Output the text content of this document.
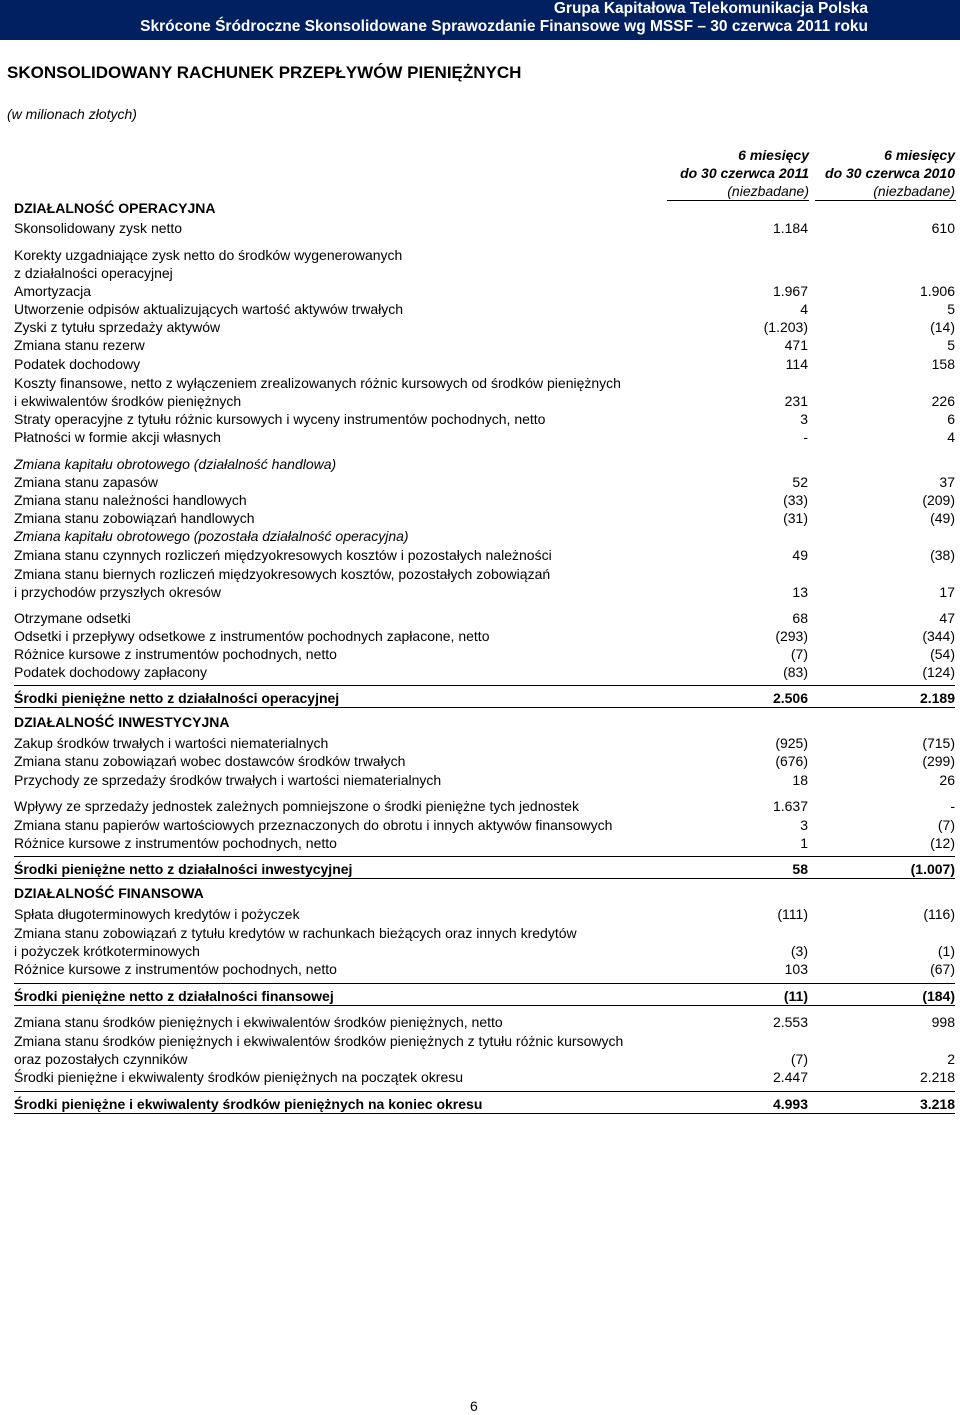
Grupa Kapitałowa Telekomunikacja Polska
Skrócone Śródroczne Skonsolidowane Sprawozdanie Finansowe wg MSSF – 30 czerwca 2011 roku
SKONSOLIDOWANY RACHUNEK PRZEPŁYWÓW PIENIĘŻNYCH
(w milionach złotych)
6 miesięcy
do 30 czerwca 2011
(niezbadane)
6 miesięcy
do 30 czerwca 2010
(niezbadane)
DZIAŁALNOŚĆ OPERACYJNA
Skonsolidowany zysk netto	1.184	610
Korekty uzgadniające zysk netto do środków wygenerowanych
z działalności operacyjnej
Amortyzacja	1.967	1.906
Utworzenie odpisów aktualizujących wartość aktywów trwałych	4	5
Zyski z tytułu sprzedaży aktywów	(1.203)	(14)
Zmiana stanu rezerw	471	5
Podatek dochodowy	114	158
Koszty finansowe, netto z wyłączeniem zrealizowanych różnic kursowych od środków pieniężnych
i ekwiwalentów środków pieniężnych	231	226
Straty operacyjne z tytułu różnic kursowych i wyceny instrumentów pochodnych, netto	3	6
Płatności w formie akcji własnych	-	4
Zmiana kapitału obrotowego (działalność handlowa)
Zmiana stanu zapasów	52	37
Zmiana stanu należności handlowych	(33)	(209)
Zmiana stanu zobowiązań handlowych	(31)	(49)
Zmiana kapitału obrotowego (pozostała działalność operacyjna)
Zmiana stanu czynnych rozliczeń międzyokresowych kosztów i pozostałych należności	49	(38)
Zmiana stanu biernych rozliczeń międzyokresowych kosztów, pozostałych zobowiązań
i przychodów przyszłych okresów	13	17
Otrzymane odsetki	68	47
Odsetki i przepływy odsetkowe z instrumentów pochodnych zapłacone, netto	(293)	(344)
Różnice kursowe z instrumentów pochodnych, netto	(7)	(54)
Podatek dochodowy zapłacony	(83)	(124)
Środki pieniężne netto z działalności operacyjnej	2.506	2.189
DZIAŁALNOŚĆ INWESTYCYJNA
Zakup środków trwałych i wartości niematerialnych	(925)	(715)
Zmiana stanu zobowiązań wobec dostawców środków trwałych	(676)	(299)
Przychody ze sprzedaży środków trwałych i wartości niematerialnych	18	26
Wpływy ze sprzedaży jednostek zależnych pomniejszone o środki pieniężne tych jednostek	1.637	-
Zmiana stanu papierów wartościowych przeznaczonych do obrotu i innych aktywów finansowych	3	(7)
Różnice kursowe z instrumentów pochodnych, netto	1	(12)
Środki pieniężne netto z działalności inwestycyjnej	58	(1.007)
DZIAŁALNOŚĆ FINANSOWA
Spłata długoterminowych kredytów i pożyczek	(111)	(116)
Zmiana stanu zobowiązań z tytułu kredytów w rachunkach bieżących oraz innych kredytów
i pożyczek krótkoterminowych	(3)	(1)
Różnice kursowe z instrumentów pochodnych, netto	103	(67)
Środki pieniężne netto z działalności finansowej	(11)	(184)
Zmiana stanu środków pieniężnych i ekwiwalentów środków pieniężnych, netto	2.553	998
Zmiana stanu środków pieniężnych i ekwiwalentów środków pieniężnych z tytułu różnic kursowych
oraz pozostałych czynników	(7)	2
Środki pieniężne i ekwiwalenty środków pieniężnych na początek okresu	2.447	2.218
Środki pieniężne i ekwiwalenty środków pieniężnych na koniec okresu	4.993	3.218
6
